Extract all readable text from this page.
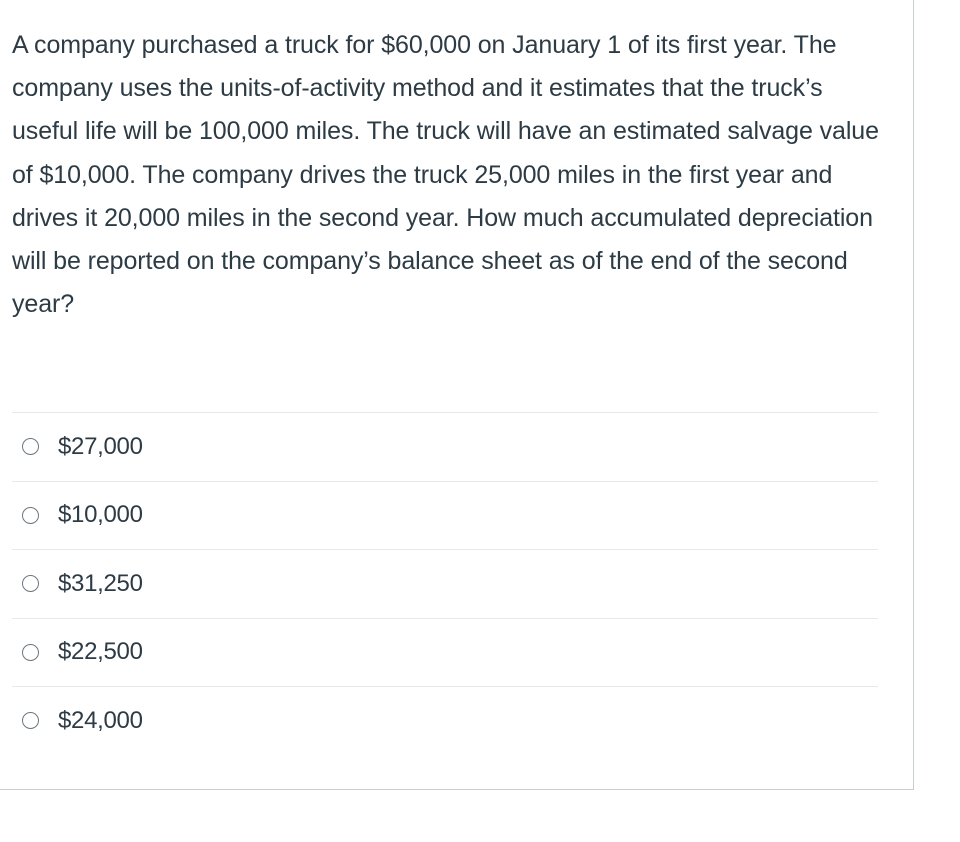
A company purchased a truck for $60,000 on January 1 of its first year. The company uses the units-of-activity method and it estimates that the truck’s useful life will be 100,000 miles. The truck will have an estimated salvage value of $10,000. The company drives the truck 25,000 miles in the first year and drives it 20,000 miles in the second year. How much accumulated depreciation will be reported on the company’s balance sheet as of the end of the second year?

$27,000
$10,000
$31,250
$22,500
$24,000
